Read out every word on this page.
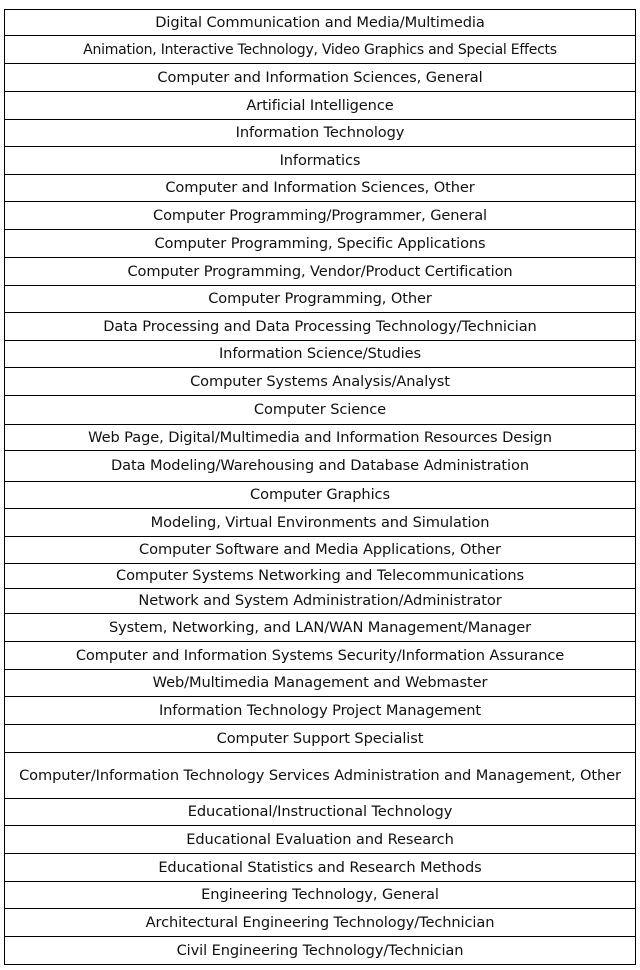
Digital Communication and Media/Multimedia
Animation, Interactive Technology, Video Graphics and Special Effects
Computer and Information Sciences, General
Artificial Intelligence
Information Technology
Informatics
Computer and Information Sciences, Other
Computer Programming/Programmer, General
Computer Programming, Specific Applications
Computer Programming, Vendor/Product Certification
Computer Programming, Other
Data Processing and Data Processing Technology/Technician
Information Science/Studies
Computer Systems Analysis/Analyst
Computer Science
Web Page, Digital/Multimedia and Information Resources Design
Data Modeling/Warehousing and Database Administration
Computer Graphics
Modeling, Virtual Environments and Simulation
Computer Software and Media Applications, Other
Computer Systems Networking and Telecommunications
Network and System Administration/Administrator
System, Networking, and LAN/WAN Management/Manager
Computer and Information Systems Security/Information Assurance
Web/Multimedia Management and Webmaster
Information Technology Project Management
Computer Support Specialist
Computer/Information Technology Services Administration and Management, Other
Educational/Instructional Technology
Educational Evaluation and Research
Educational Statistics and Research Methods
Engineering Technology, General
Architectural Engineering Technology/Technician
Civil Engineering Technology/Technician
